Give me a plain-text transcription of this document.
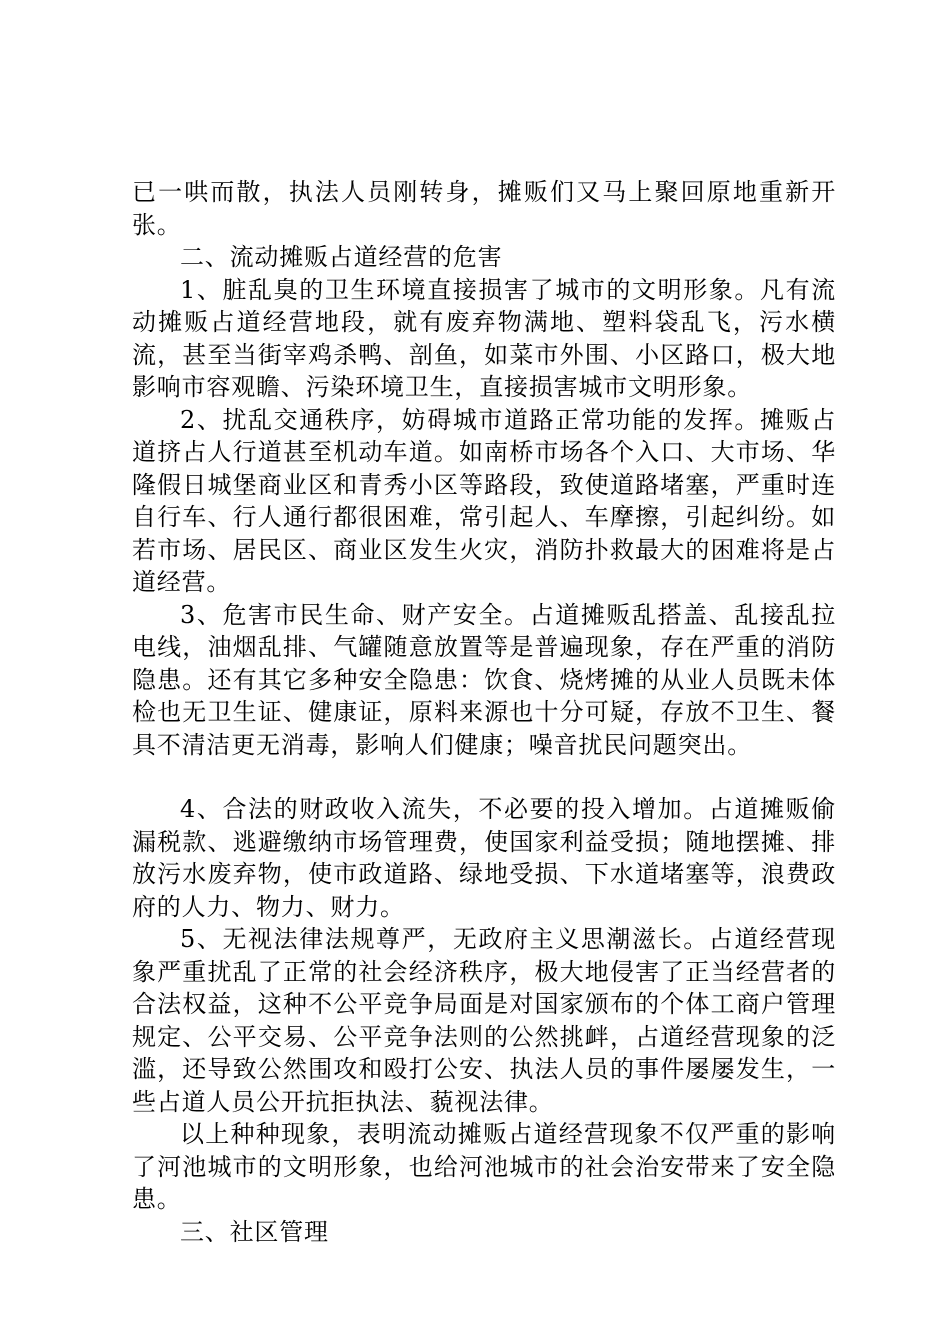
已一哄而散，执法人员刚转身，摊贩们又马上聚回原地重新开张。

二、流动摊贩占道经营的危害

1、脏乱臭的卫生环境直接损害了城市的文明形象。凡有流动摊贩占道经营地段，就有废弃物满地、塑料袋乱飞，污水横流，甚至当街宰鸡杀鸭、剖鱼，如菜市外围、小区路口，极大地影响市容观瞻、污染环境卫生，直接损害城市文明形象。

2、扰乱交通秩序，妨碍城市道路正常功能的发挥。摊贩占道挤占人行道甚至机动车道。如南桥市场各个入口、大市场、华隆假日城堡商业区和青秀小区等路段，致使道路堵塞，严重时连自行车、行人通行都很困难，常引起人、车摩擦，引起纠纷。如若市场、居民区、商业区发生火灾，消防扑救最大的困难将是占道经营。

3、危害市民生命、财产安全。占道摊贩乱搭盖、乱接乱拉电线，油烟乱排、气罐随意放置等是普遍现象，存在严重的消防隐患。还有其它多种安全隐患：饮食、烧烤摊的从业人员既未体检也无卫生证、健康证，原料来源也十分可疑，存放不卫生、餐具不清洁更无消毒，影响人们健康；噪音扰民问题突出。

4、合法的财政收入流失，不必要的投入增加。占道摊贩偷漏税款、逃避缴纳市场管理费，使国家利益受损；随地摆摊、排放污水废弃物，使市政道路、绿地受损、下水道堵塞等，浪费政府的人力、物力、财力。

5、无视法律法规尊严，无政府主义思潮滋长。占道经营现象严重扰乱了正常的社会经济秩序，极大地侵害了正当经营者的合法权益，这种不公平竞争局面是对国家颁布的个体工商户管理规定、公平交易、公平竞争法则的公然挑衅，占道经营现象的泛滥，还导致公然围攻和殴打公安、执法人员的事件屡屡发生，一些占道人员公开抗拒执法、藐视法律。

以上种种现象，表明流动摊贩占道经营现象不仅严重的影响了河池城市的文明形象，也给河池城市的社会治安带来了安全隐患。

三、社区管理
